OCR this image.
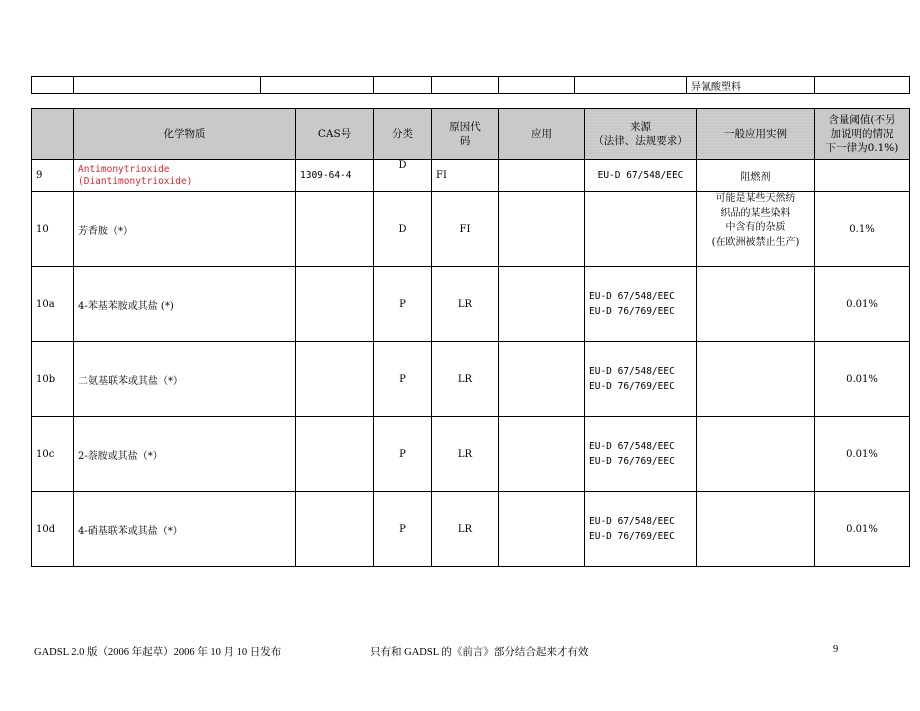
							异氰酸塑料	
	化学物质	CAS号	分类	原因代
码	应用	来源
（法律、法规要求）	一般应用实例	含量阈值(不另
加说明的情况
下一律为0.1%)
9	Antimonytrioxide
(Diantimonytrioxide)	1309-64-4	D	FI		EU-D 67/548/EEC	阻燃剂	
10	芳香胺（*）		D	FI			可能是某些天然纺
织品的某些染料
中含有的杂质
(在欧洲被禁止生产)	0.1%
10a	4-苯基苯胺或其盐 (*)		P	LR		EU-D 67/548/EEC
EU-D 76/769/EEC		0.01%
10b	二氨基联苯或其盐（*）		P	LR		EU-D 67/548/EEC
EU-D 76/769/EEC		0.01%
10c	2-萘胺或其盐（*）		P	LR		EU-D 67/548/EEC
EU-D 76/769/EEC		0.01%
10d	4-硝基联苯或其盐（*）		P	LR		EU-D 67/548/EEC
EU-D 76/769/EEC		0.01%
GADSL 2.0 版（2006 年起草）2006 年 10 月 10 日发布	只有和 GADSL 的《前言》部分结合起来才有效	9
